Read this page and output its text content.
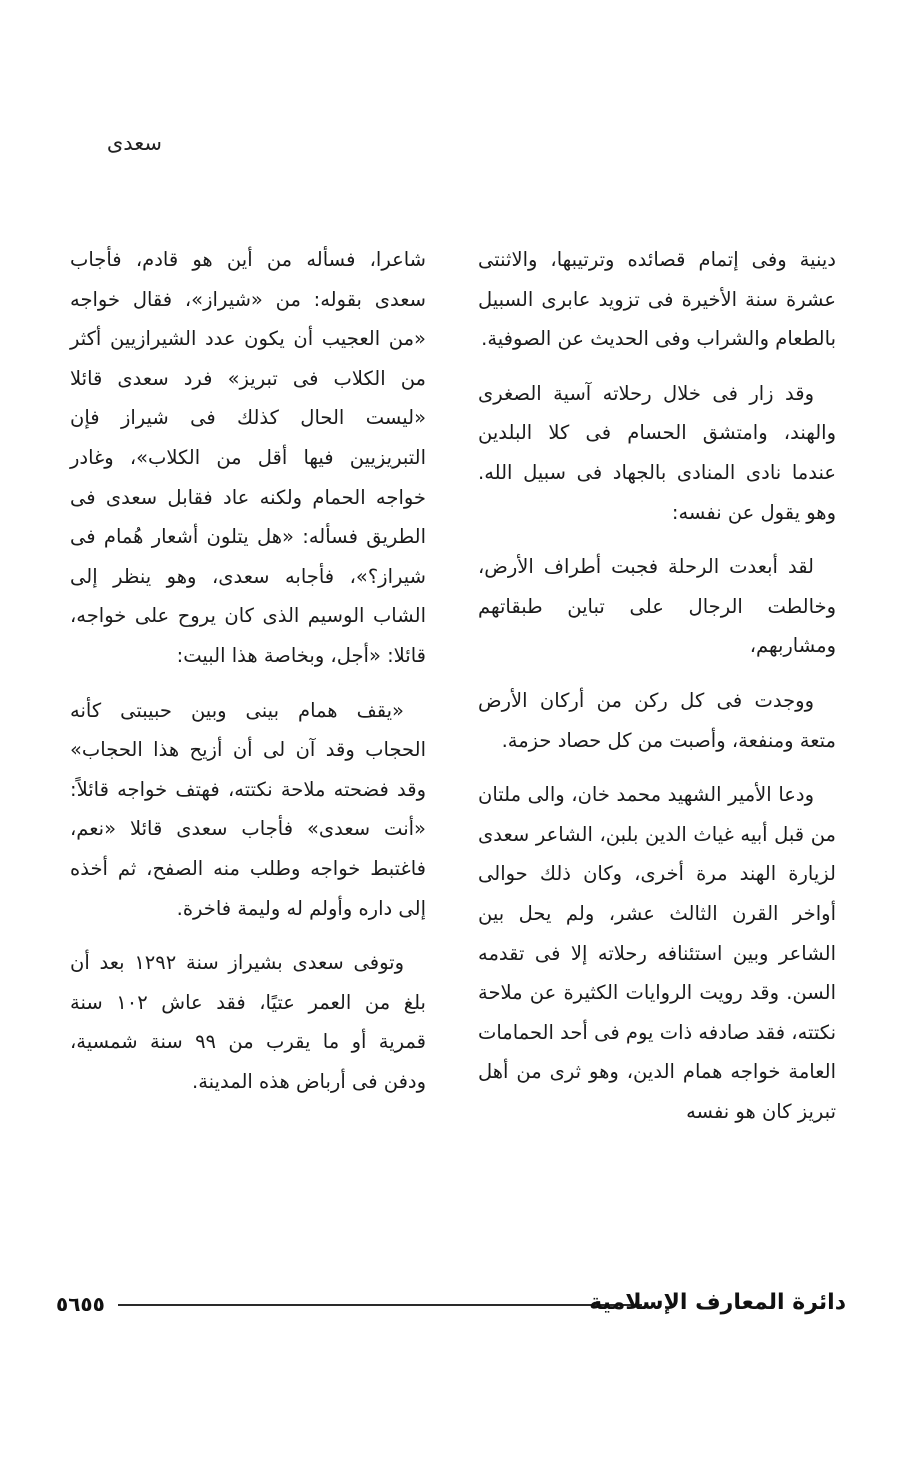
سعدى

دينية وفى إتمام قصائده وترتيبها، والاثنتى عشرة سنة الأخيرة فى تزويد عابرى السبيل بالطعام والشراب وفى الحديث عن الصوفية.

وقد زار فى خلال رحلاته آسية الصغرى والهند، وامتشق الحسام فى كلا البلدين عندما نادى المنادى بالجهاد فى سبيل الله. وهو يقول عن نفسه:

لقد أبعدت الرحلة فجبت أطراف الأرض، وخالطت الرجال على تباين طبقاتهم ومشاربهم،

ووجدت فى كل ركن من أركان الأرض متعة ومنفعة، وأصبت من كل حصاد حزمة.

ودعا الأمير الشهيد محمد خان، والى ملتان من قبل أبيه غياث الدين بلبن، الشاعر سعدى لزيارة الهند مرة أخرى، وكان ذلك حوالى أواخر القرن الثالث عشر، ولم يحل بين الشاعر وبين استئنافه رحلاته إلا فى تقدمه السن. وقد رويت الروايات الكثيرة عن ملاحة نكتته، فقد صادفه ذات يوم فى أحد الحمامات العامة خواجه همام الدين، وهو ثرى من أهل تبريز كان هو نفسه

شاعرا، فسأله من أين هو قادم، فأجاب سعدى بقوله: من «شيراز»، فقال خواجه «من العجيب أن يكون عدد الشيرازيين أكثر من الكلاب فى تبريز» فرد سعدى قائلا «ليست الحال كذلك فى شيراز فإن التبريزيين فيها أقل من الكلاب»، وغادر خواجه الحمام ولكنه عاد فقابل سعدى فى الطريق فسأله: «هل يتلون أشعار هُمام فى شيراز؟»، فأجابه سعدى، وهو ينظر إلى الشاب الوسيم الذى كان يروح على خواجه، قائلا: «أجل، وبخاصة هذا البيت:

«يقف همام بينى وبين حبيبتى كأنه الحجاب وقد آن لى أن أزيح هذا الحجاب» وقد فضحته ملاحة نكتته، فهتف خواجه قائلاً: «أنت سعدى» فأجاب سعدى قائلا «نعم، فاغتبط خواجه وطلب منه الصفح، ثم أخذه إلى داره وأولم له وليمة فاخرة.

وتوفى سعدى بشيراز سنة ١٢٩٢ بعد أن بلغ من العمر عتيًا، فقد عاش ١٠٢ سنة قمرية أو ما يقرب من ٩٩ سنة شمسية، ودفن فى أرباض هذه المدينة.

٥٦٥٥	دائرة المعارف الإسلامية
